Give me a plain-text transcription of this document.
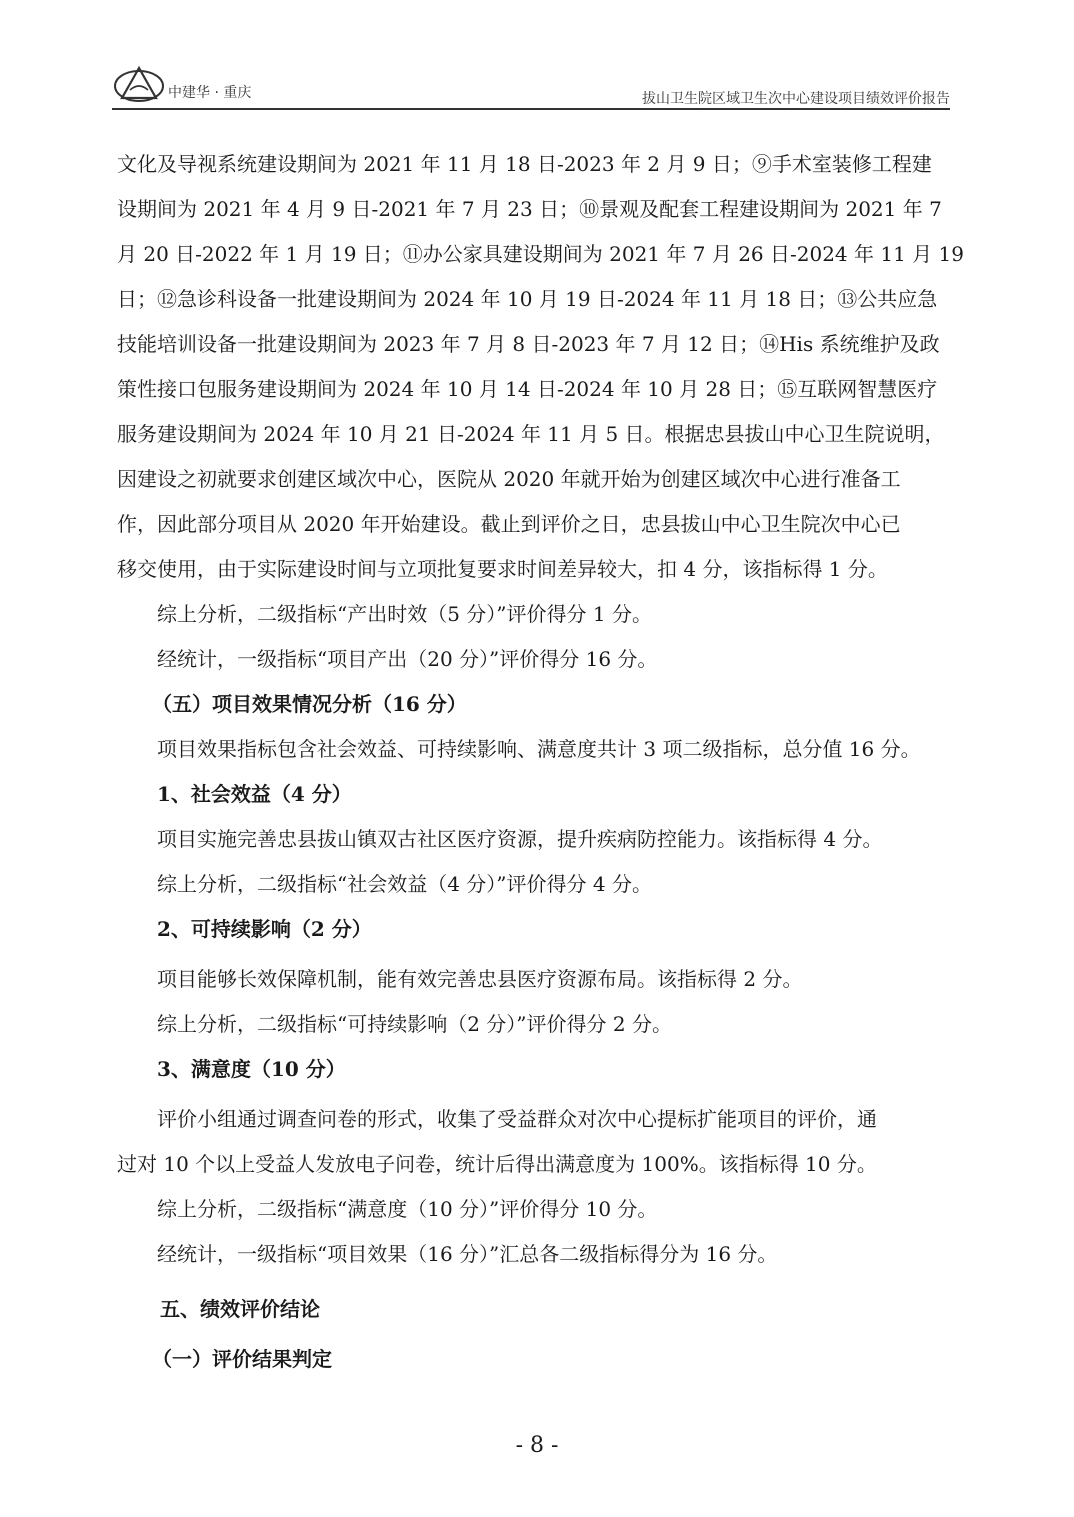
中建华 · 重庆	拔山卫生院区域卫生次中心建设项目绩效评价报告
文化及导视系统建设期间为 2021 年 11 月 18 日-2023 年 2 月 9 日；⑨手术室装修工程建
设期间为 2021 年 4 月 9 日-2021 年 7 月 23 日；⑩景观及配套工程建设期间为 2021 年 7
月 20 日-2022 年 1 月 19 日；⑪办公家具建设期间为 2021 年 7 月 26 日-2024 年 11 月 19
日；⑫急诊科设备一批建设期间为 2024 年 10 月 19 日-2024 年 11 月 18 日；⑬公共应急
技能培训设备一批建设期间为 2023 年 7 月 8 日-2023 年 7 月 12 日；⑭His 系统维护及政
策性接口包服务建设期间为 2024 年 10 月 14 日-2024 年 10 月 28 日；⑮互联网智慧医疗
服务建设期间为 2024 年 10 月 21 日-2024 年 11 月 5 日。根据忠县拔山中心卫生院说明，
因建设之初就要求创建区域次中心，医院从 2020 年就开始为创建区域次中心进行准备工
作，因此部分项目从 2020 年开始建设。截止到评价之日，忠县拔山中心卫生院次中心已
移交使用，由于实际建设时间与立项批复要求时间差异较大，扣 4 分，该指标得 1 分。
综上分析，二级指标“产出时效（5 分）”评价得分 1 分。
经统计，一级指标“项目产出（20 分）”评价得分 16 分。
（五）项目效果情况分析（16 分）
项目效果指标包含社会效益、可持续影响、满意度共计 3 项二级指标，总分值 16 分。
1、社会效益（4 分）
项目实施完善忠县拔山镇双古社区医疗资源，提升疾病防控能力。该指标得 4 分。
综上分析，二级指标“社会效益（4 分）”评价得分 4 分。
2、可持续影响（2 分）
项目能够长效保障机制，能有效完善忠县医疗资源布局。该指标得 2 分。
综上分析，二级指标“可持续影响（2 分）”评价得分 2 分。
3、满意度（10 分）
评价小组通过调查问卷的形式，收集了受益群众对次中心提标扩能项目的评价，通
过对 10 个以上受益人发放电子问卷，统计后得出满意度为 100%。该指标得 10 分。
综上分析，二级指标“满意度（10 分）”评价得分 10 分。
经统计，一级指标“项目效果（16 分）”汇总各二级指标得分为 16 分。
五、绩效评价结论
（一）评价结果判定
- 8 -
